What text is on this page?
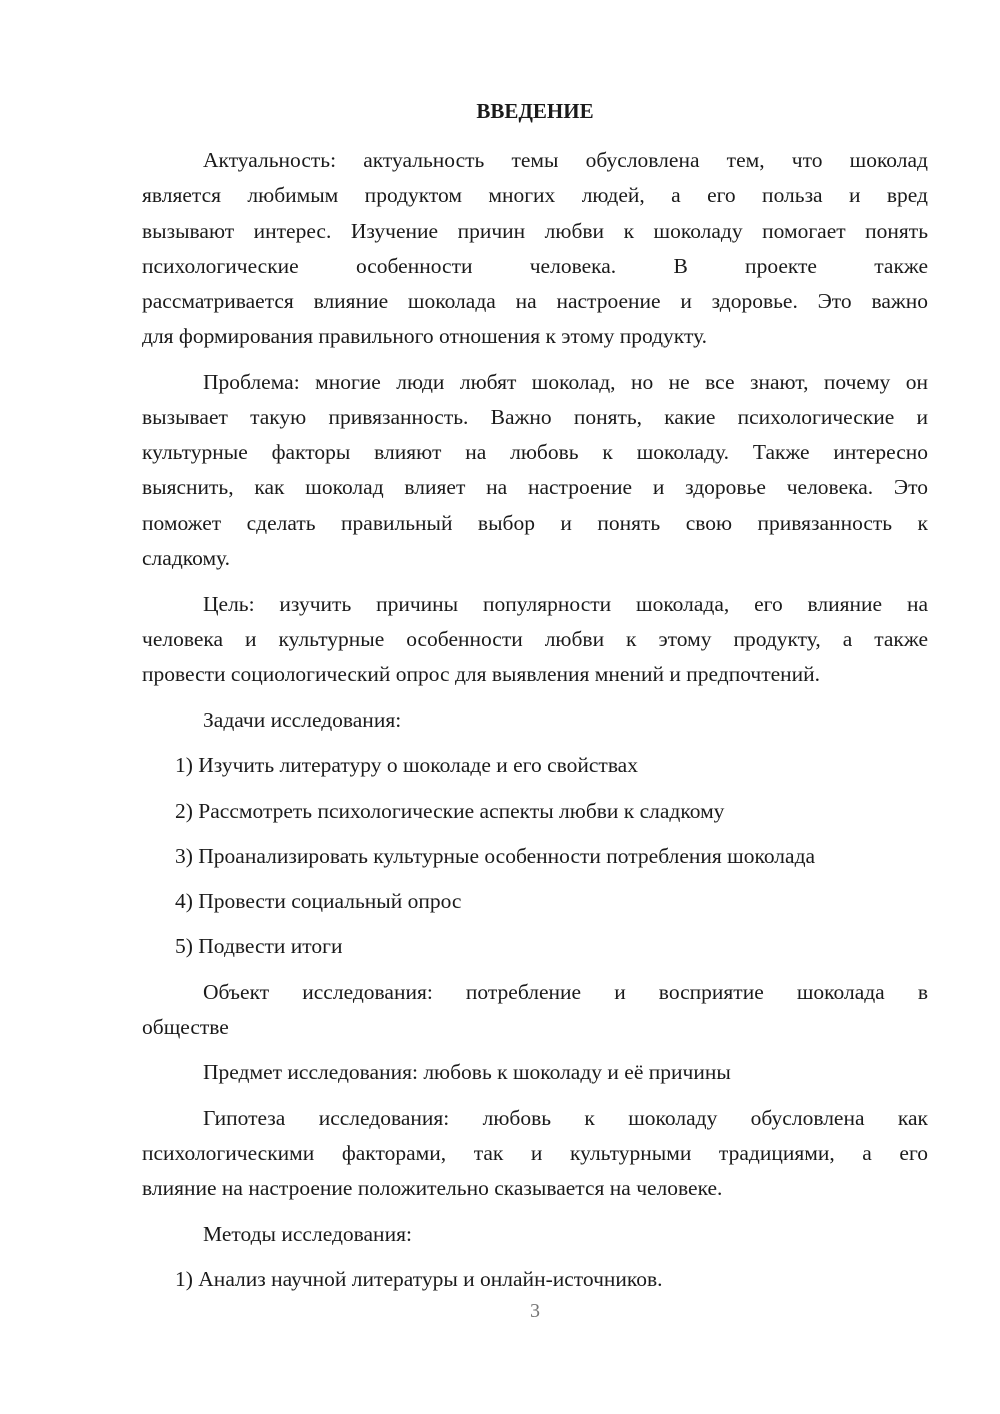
ВВЕДЕНИЕ
Актуальность: актуальность темы обусловлена тем, что шоколад
является любимым продуктом многих людей, а его польза и вред
вызывают интерес. Изучение причин любви к шоколаду помогает понять
психологические особенности человека. В проекте также
рассматривается влияние шоколада на настроение и здоровье. Это важно
для формирования правильного отношения к этому продукту.
Проблема: многие люди любят шоколад, но не все знают, почему он
вызывает такую привязанность. Важно понять, какие психологические и
культурные факторы влияют на любовь к шоколаду. Также интересно
выяснить, как шоколад влияет на настроение и здоровье человека. Это
поможет сделать правильный выбор и понять свою привязанность к
сладкому.
Цель: изучить причины популярности шоколада, его влияние на
человека и культурные особенности любви к этому продукту, а также
провести социологический опрос для выявления мнений и предпочтений.
Задачи исследования:
1) Изучить литературу о шоколаде и его свойствах
2) Рассмотреть психологические аспекты любви к сладкому
3) Проанализировать культурные особенности потребления шоколада
4) Провести социальный опрос
5) Подвести итоги
Объект исследования: потребление и восприятие шоколада в
обществе
Предмет исследования: любовь к шоколаду и её причины
Гипотеза исследования: любовь к шоколаду обусловлена как
психологическими факторами, так и культурными традициями, а его
влияние на настроение положительно сказывается на человеке.
Методы исследования:
1) Анализ научной литературы и онлайн-источников.
3
